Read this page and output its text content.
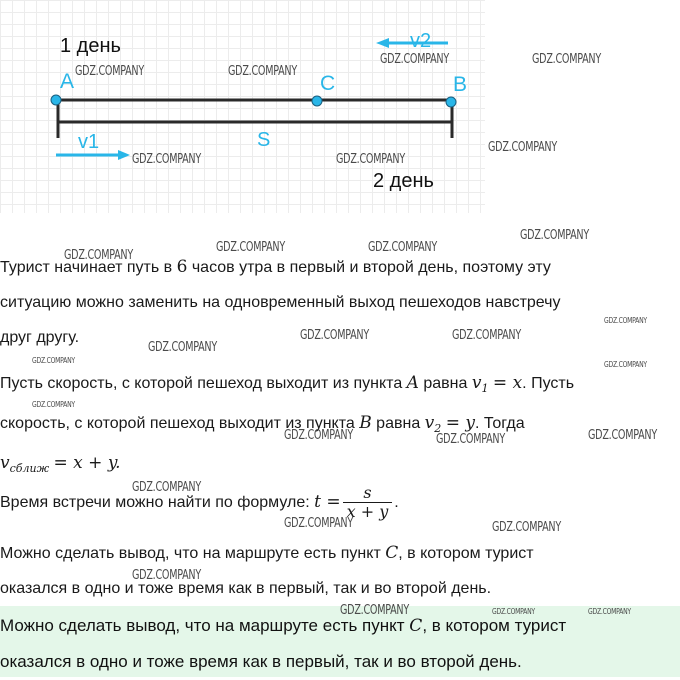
1 день
2 день
A	C	B
S
v1
v2
Турист начинает путь в 6 часов утра в первый и второй день, поэтому эту
ситуацию можно заменить на одновременный выход пешеходов навстречу
друг другу.
Пусть скорость, с которой пешеход выходит из пункта A равна $v_1 = x$. Пусть
скорость, с которой пешеход выходит из пункта B равна $v_2 = y$. Тогда
$v_{сближ} = x + y$.
Время встречи можно найти по формуле: $t = \frac{s}{x + y}$ .
Можно сделать вывод, что на маршруте есть пункт C, в котором турист
оказался в одно и тоже время как в первый, так и во второй день.
Можно сделать вывод, что на маршруте есть пункт C, в котором турист
оказался в одно и тоже время как в первый, так и во второй день.
GDZ.COMPANY	GDZ.COMPANY
GDZ.COMPANY	GDZ.COMPANY
GDZ.COMPANY	GDZ.COMPANY
GDZ.COMPANY
GDZ.COMPANY
GDZ.COMPANY	GDZ.COMPANY
GDZ.COMPANY
GDZ.COMPANY	GDZ.COMPANY
GDZ.COMPANY
GDZ.COMPANY
GDZ.COMPANY	GDZ.COMPANY
GDZ.COMPANY
GDZ.COMPANY	GDZ.COMPANY	GDZ.COMPANY
GDZ.COMPANY
GDZ.COMPANY	GDZ.COMPANY
GDZ.COMPANY
GDZ.COMPANY	GDZ.COMPANY	GDZ.COMPANY
